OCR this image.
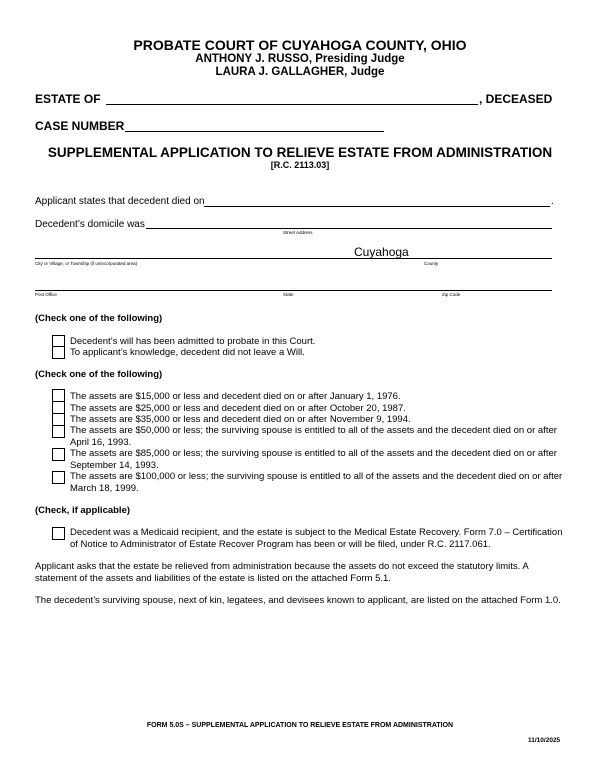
PROBATE COURT OF CUYAHOGA COUNTY, OHIO
ANTHONY J. RUSSO, Presiding Judge
LAURA J. GALLAGHER, Judge
ESTATE OF	, DECEASED
CASE NUMBER
SUPPLEMENTAL APPLICATION TO RELIEVE ESTATE FROM ADMINISTRATION
[R.C. 2113.03]
Applicant states that decedent died on	.
Decedent’s domicile was
Street Address
Cuyahoga
City or Village, or Township (if unincorporated area)	County
Post Office	State	Zip Code
(Check one of the following)
Decedent’s will has been admitted to probate in this Court.
To applicant’s knowledge, decedent did not leave a Will.
(Check one of the following)
The assets are $15,000 or less and decedent died on or after January 1, 1976.
The assets are $25,000 or less and decedent died on or after October 20, 1987.
The assets are $35,000 or less and decedent died on or after November 9, 1994.
The assets are $50,000 or less; the surviving spouse is entitled to all of the assets and the decedent died on or after April 16, 1993.
The assets are $85,000 or less; the surviving spouse is entitled to all of the assets and the decedent died on or after September 14, 1993.
The assets are $100,000 or less; the surviving spouse is entitled to all of the assets and the decedent died on or after March 18, 1999.
(Check, if applicable)
Decedent was a Medicaid recipient, and the estate is subject to the Medical Estate Recovery. Form 7.0 – Certification of Notice to Administrator of Estate Recover Program has been or will be filed, under R.C. 2117.061.
Applicant asks that the estate be relieved from administration because the assets do not exceed the statutory limits. A statement of the assets and liabilities of the estate is listed on the attached Form 5.1.
The decedent’s surviving spouse, next of kin, legatees, and devisees known to applicant, are listed on the attached Form 1.0.
FORM 5.0S – SUPPLEMENTAL APPLICATION TO RELIEVE ESTATE FROM ADMINISTRATION
11/10/2025
